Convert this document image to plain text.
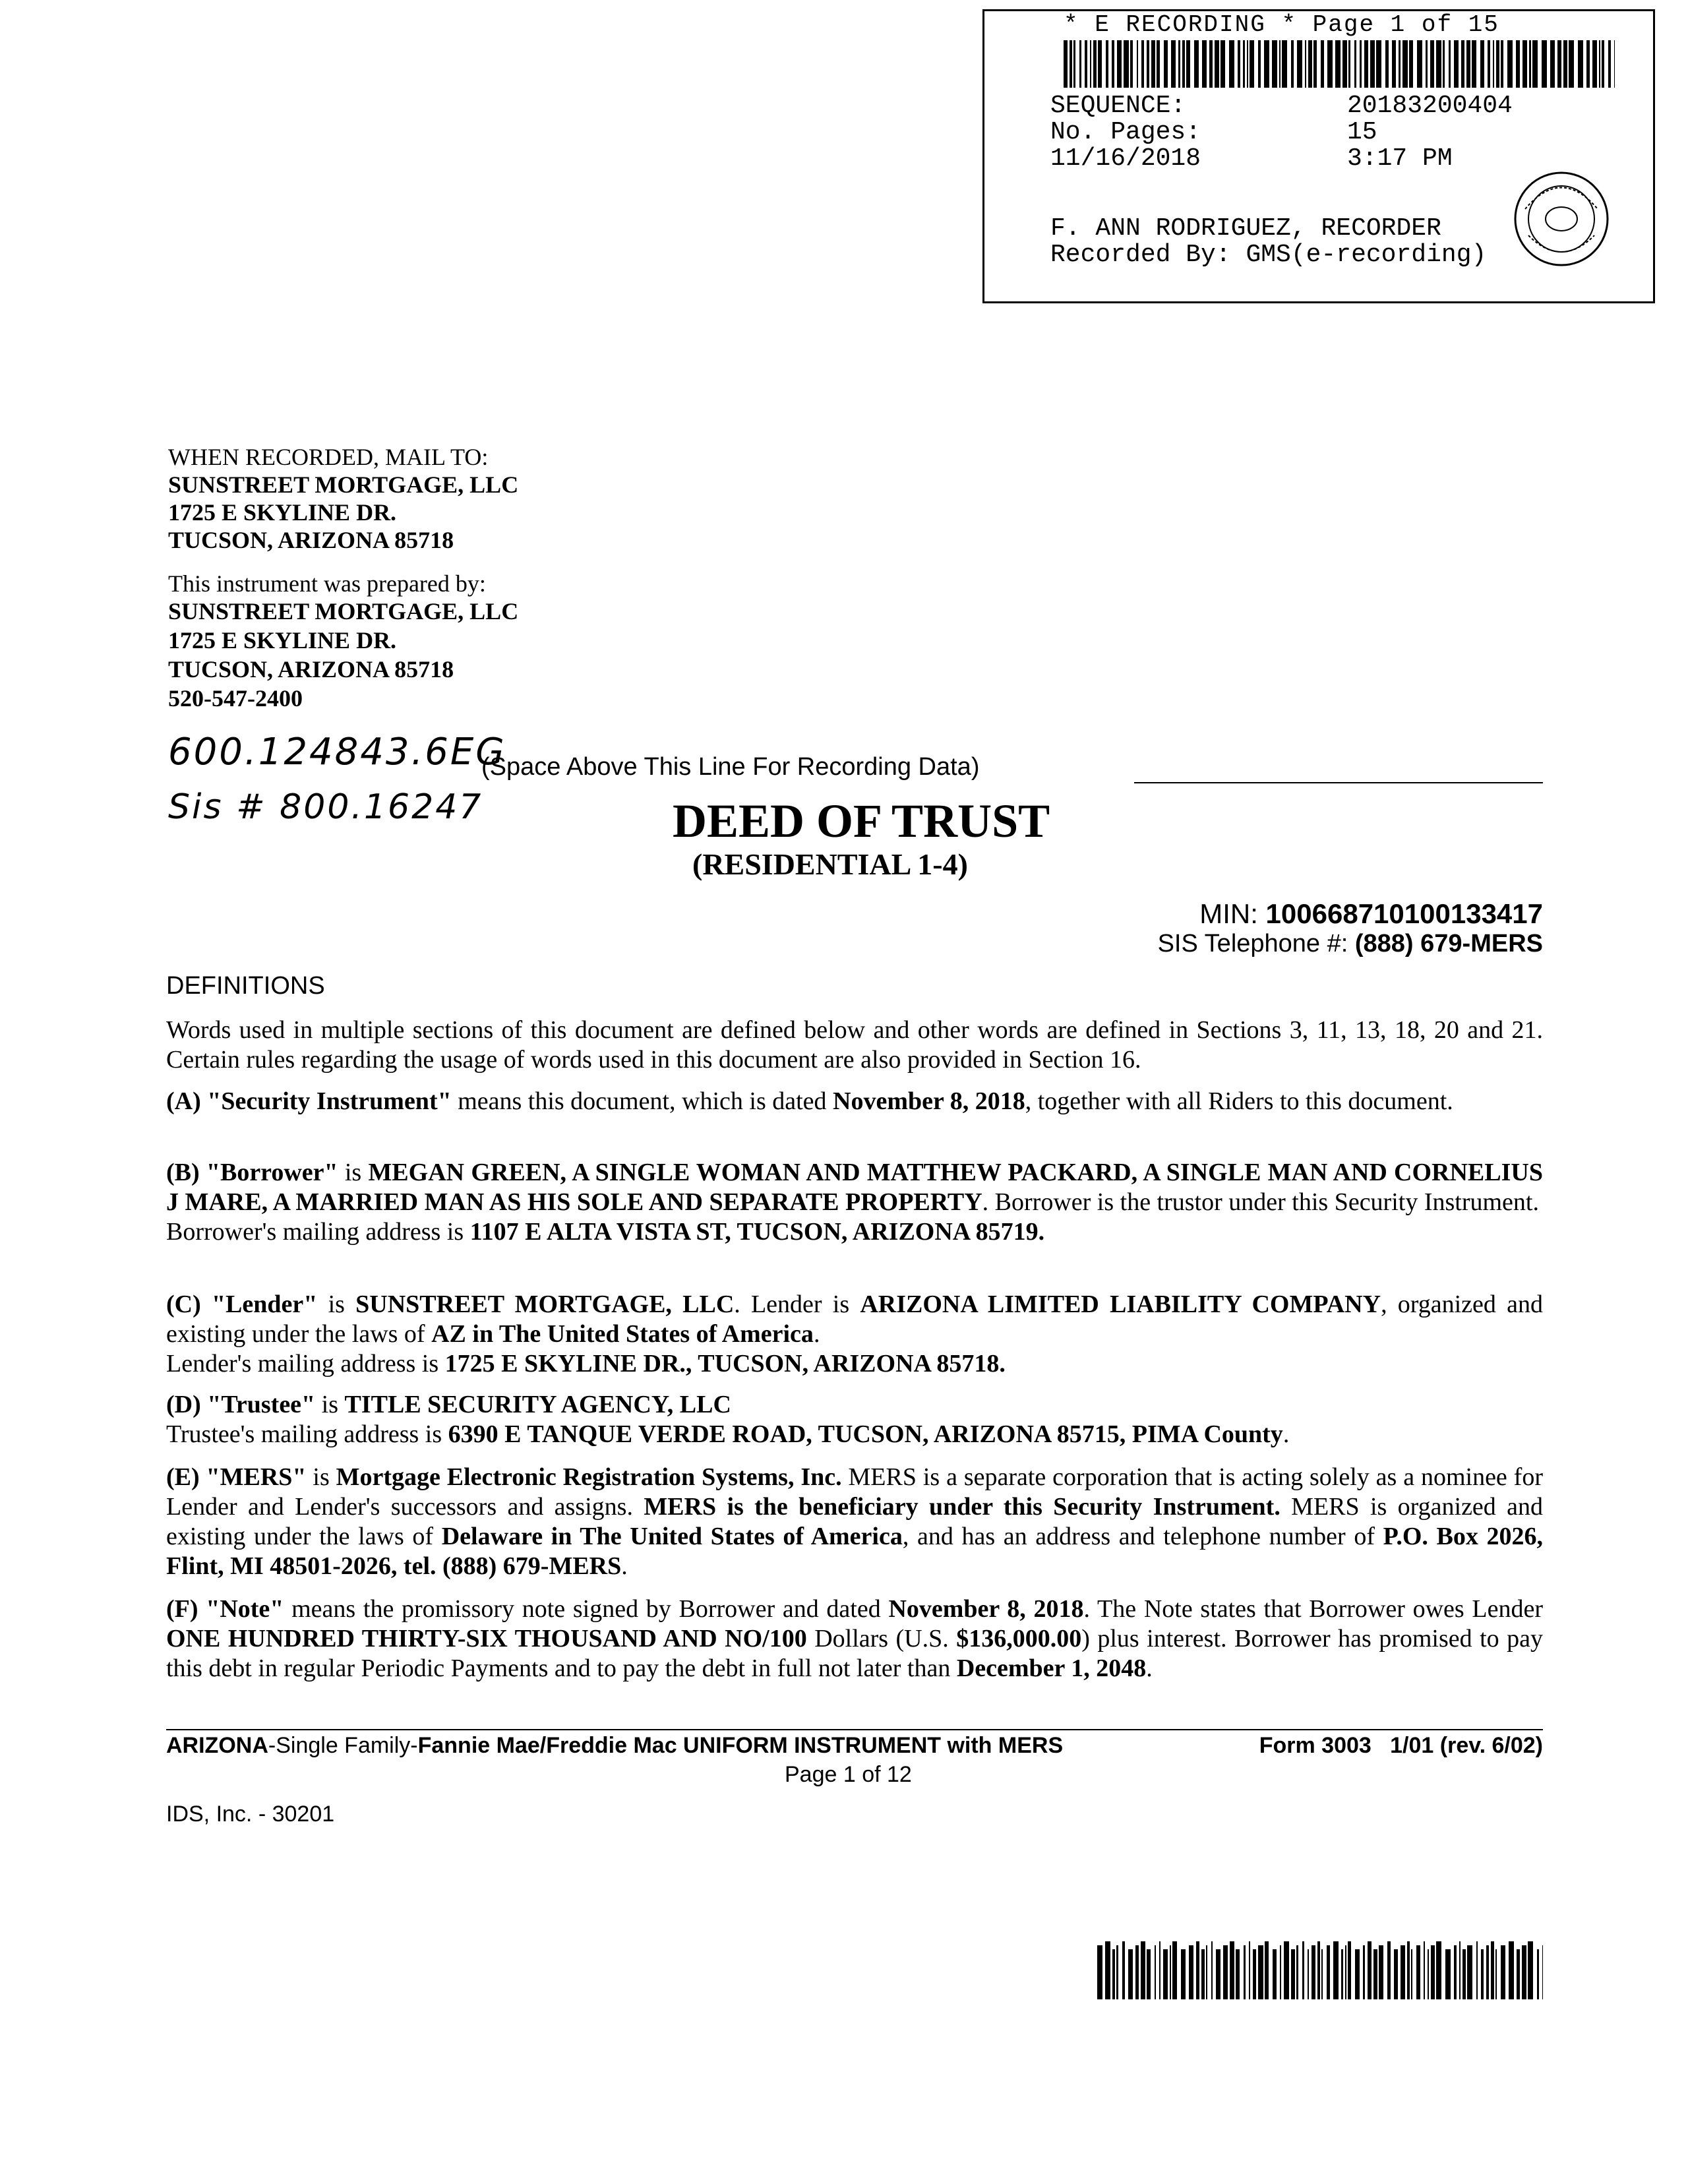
* E RECORDING * Page 1 of 15
SEQUENCE:	20183200404
No. Pages:	15
11/16/2018	3:17 PM
F. ANN RODRIGUEZ, RECORDER
Recorded By: GMS(e-recording)
WHEN RECORDED, MAIL TO:
SUNSTREET MORTGAGE, LLC
1725 E SKYLINE DR.
TUCSON, ARIZONA 85718
This instrument was prepared by:
SUNSTREET MORTGAGE, LLC
1725 E SKYLINE DR.
TUCSON, ARIZONA 85718
520-547-2400
600.124843.6EG
Sis # 800.16247
(Space Above This Line For Recording Data)
DEED OF TRUST
(RESIDENTIAL 1-4)
MIN: 100668710100133417
SIS Telephone #: (888) 679-MERS
DEFINITIONS

Words used in multiple sections of this document are defined below and other words are defined in Sections 3, 11, 13, 18, 20 and 21. Certain rules regarding the usage of words used in this document are also provided in Section 16.

(A) "Security Instrument" means this document, which is dated November 8, 2018, together with all Riders to this document.

(B) "Borrower" is MEGAN GREEN, A SINGLE WOMAN AND MATTHEW PACKARD, A SINGLE MAN AND CORNELIUS J MARE, A MARRIED MAN AS HIS SOLE AND SEPARATE PROPERTY. Borrower is the trustor under this Security Instrument.
Borrower's mailing address is 1107 E ALTA VISTA ST, TUCSON, ARIZONA 85719.

(C) "Lender" is SUNSTREET MORTGAGE, LLC. Lender is ARIZONA LIMITED LIABILITY COMPANY, organized and existing under the laws of AZ in The United States of America.
Lender's mailing address is 1725 E SKYLINE DR., TUCSON, ARIZONA 85718.

(D) "Trustee" is TITLE SECURITY AGENCY, LLC
Trustee's mailing address is 6390 E TANQUE VERDE ROAD, TUCSON, ARIZONA 85715, PIMA County.

(E) "MERS" is Mortgage Electronic Registration Systems, Inc. MERS is a separate corporation that is acting solely as a nominee for Lender and Lender's successors and assigns. MERS is the beneficiary under this Security Instrument. MERS is organized and existing under the laws of Delaware in The United States of America, and has an address and telephone number of P.O. Box 2026, Flint, MI 48501-2026, tel. (888) 679-MERS.

(F) "Note" means the promissory note signed by Borrower and dated November 8, 2018. The Note states that Borrower owes Lender ONE HUNDRED THIRTY-SIX THOUSAND AND NO/100 Dollars (U.S. $136,000.00) plus interest. Borrower has promised to pay this debt in regular Periodic Payments and to pay the debt in full not later than December 1, 2048.

ARIZONA-Single Family-Fannie Mae/Freddie Mac UNIFORM INSTRUMENT with MERS	Form 3003   1/01 (rev. 6/02)
Page 1 of 12
IDS, Inc. - 30201
